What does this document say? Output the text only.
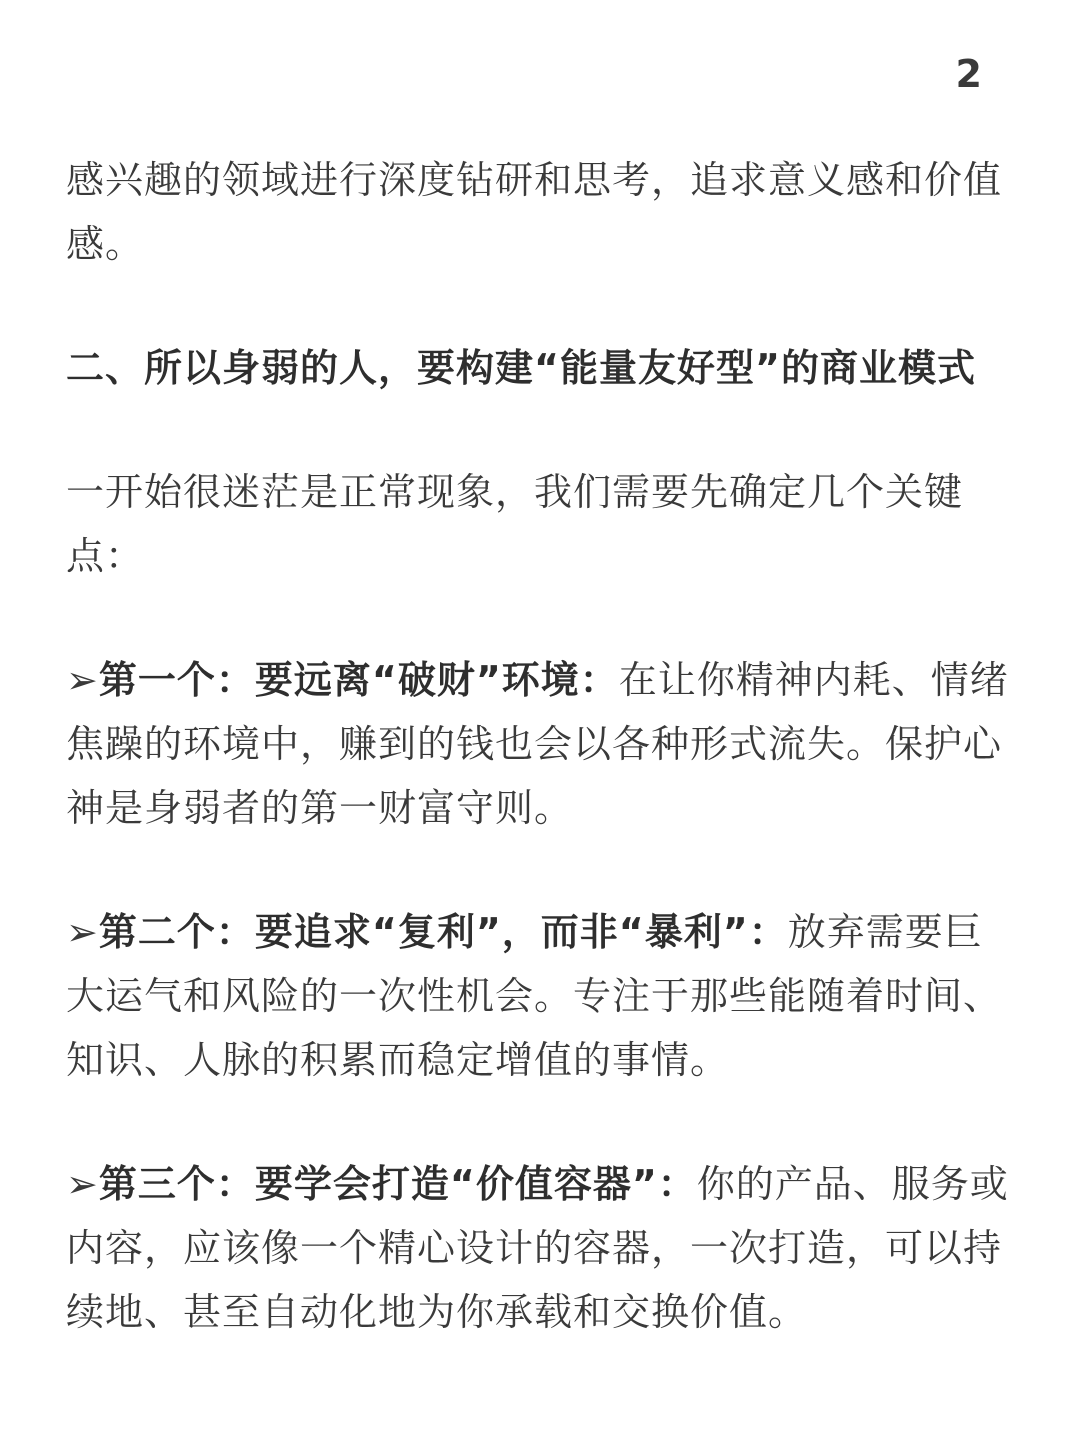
2

感兴趣的领域进行深度钻研和思考，追求意义感和价值感。

二、所以身弱的人，要构建“能量友好型”的商业模式

一开始很迷茫是正常现象，我们需要先确定几个关键点：

➢第一个：要远离“破财”环境：在让你精神内耗、情绪焦躁的环境中，赚到的钱也会以各种形式流失。保护心神是身弱者的第一财富守则。

➢第二个：要追求“复利”，而非“暴利”：放弃需要巨大运气和风险的一次性机会。专注于那些能随着时间、知识、人脉的积累而稳定增值的事情。

➢第三个：要学会打造“价值容器”：你的产品、服务或内容，应该像一个精心设计的容器，一次打造，可以持续地、甚至自动化地为你承载和交换价值。
